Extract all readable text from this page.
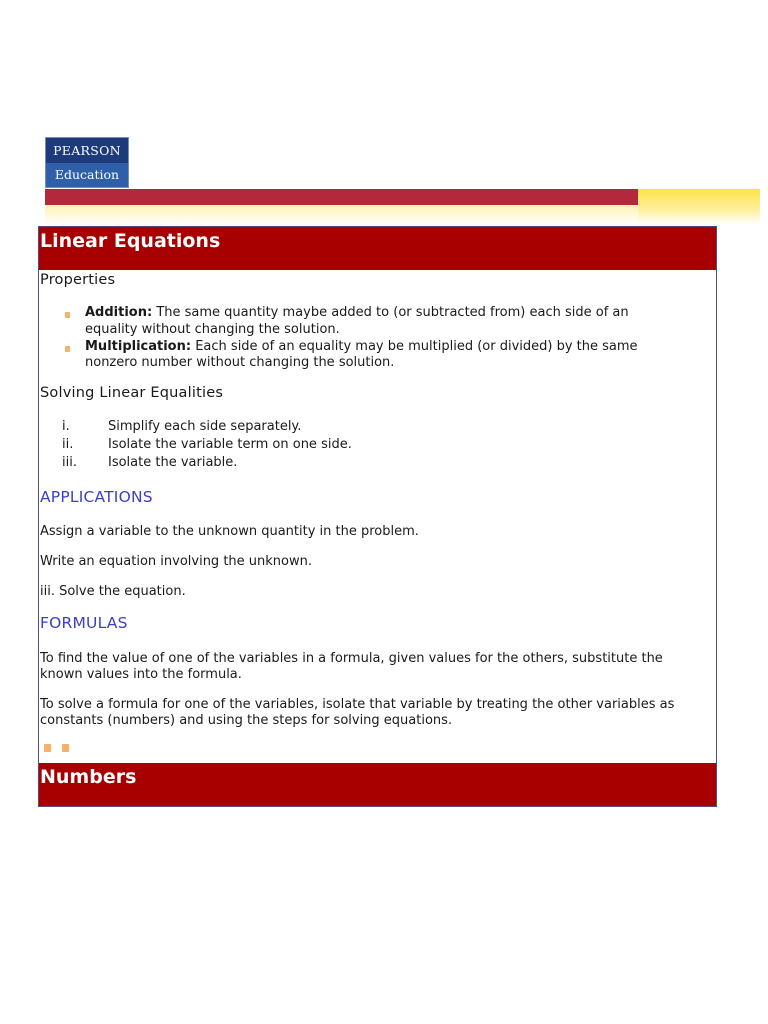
PEARSON
Education
Linear Equations
Properties
Addition: The same quantity maybe added to (or subtracted from) each side of an
equality without changing the solution.
Multiplication: Each side of an equality may be multiplied (or divided) by the same
nonzero number without changing the solution.
Solving Linear Equalities
i.	Simplify each side separately.
ii.	Isolate the variable term on one side.
iii. Isolate the variable.
APPLICATIONS
Assign a variable to the unknown quantity in the problem.
Write an equation involving the unknown.
iii. Solve the equation.
FORMULAS
To find the value of one of the variables in a formula, given values for the others, substitute the
known values into the formula.
To solve a formula for one of the variables, isolate that variable by treating the other variables as
constants (numbers) and using the steps for solving equations.
Numbers
